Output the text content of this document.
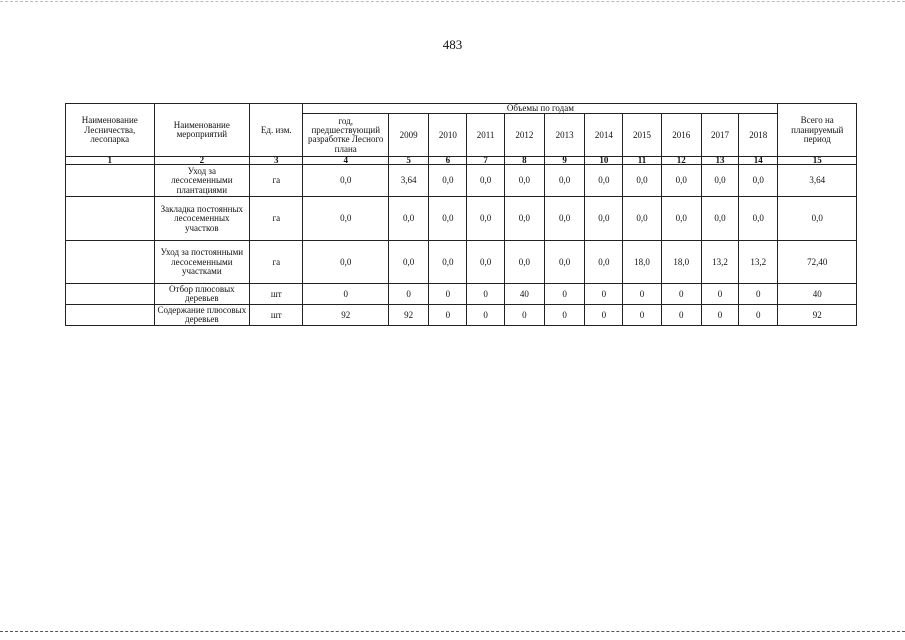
483
Наименование Лесничества, лесопарка	Наименование мероприятий	Ед. изм.	Объемы по годам											Всего на планируемый период
			год, предшествующий разработке Лесного плана	2009	2010	2011	2012	2013	2014	2015	2016	2017	2018	
1	2	3	4	5	6	7	8	9	10	11	12	13	14	15
	Уход за лесосеменными плантациями	га	0,0	3,64	0,0	0,0	0,0	0,0	0,0	0,0	0,0	0,0	0,0	3,64
	Закладка постоянных лесосеменных участков	га	0,0	0,0	0,0	0,0	0,0	0,0	0,0	0,0	0,0	0,0	0,0	0,0
	Уход за постоянными лесосеменными участками	га	0,0	0,0	0,0	0,0	0,0	0,0	0,0	18,0	18,0	13,2	13,2	72,40
	Отбор плюсовых деревьев	шт	0	0	0	0	40	0	0	0	0	0	0	40
	Содержание плюсовых деревьев	шт	92	92	0	0	0	0	0	0	0	0	0	92
